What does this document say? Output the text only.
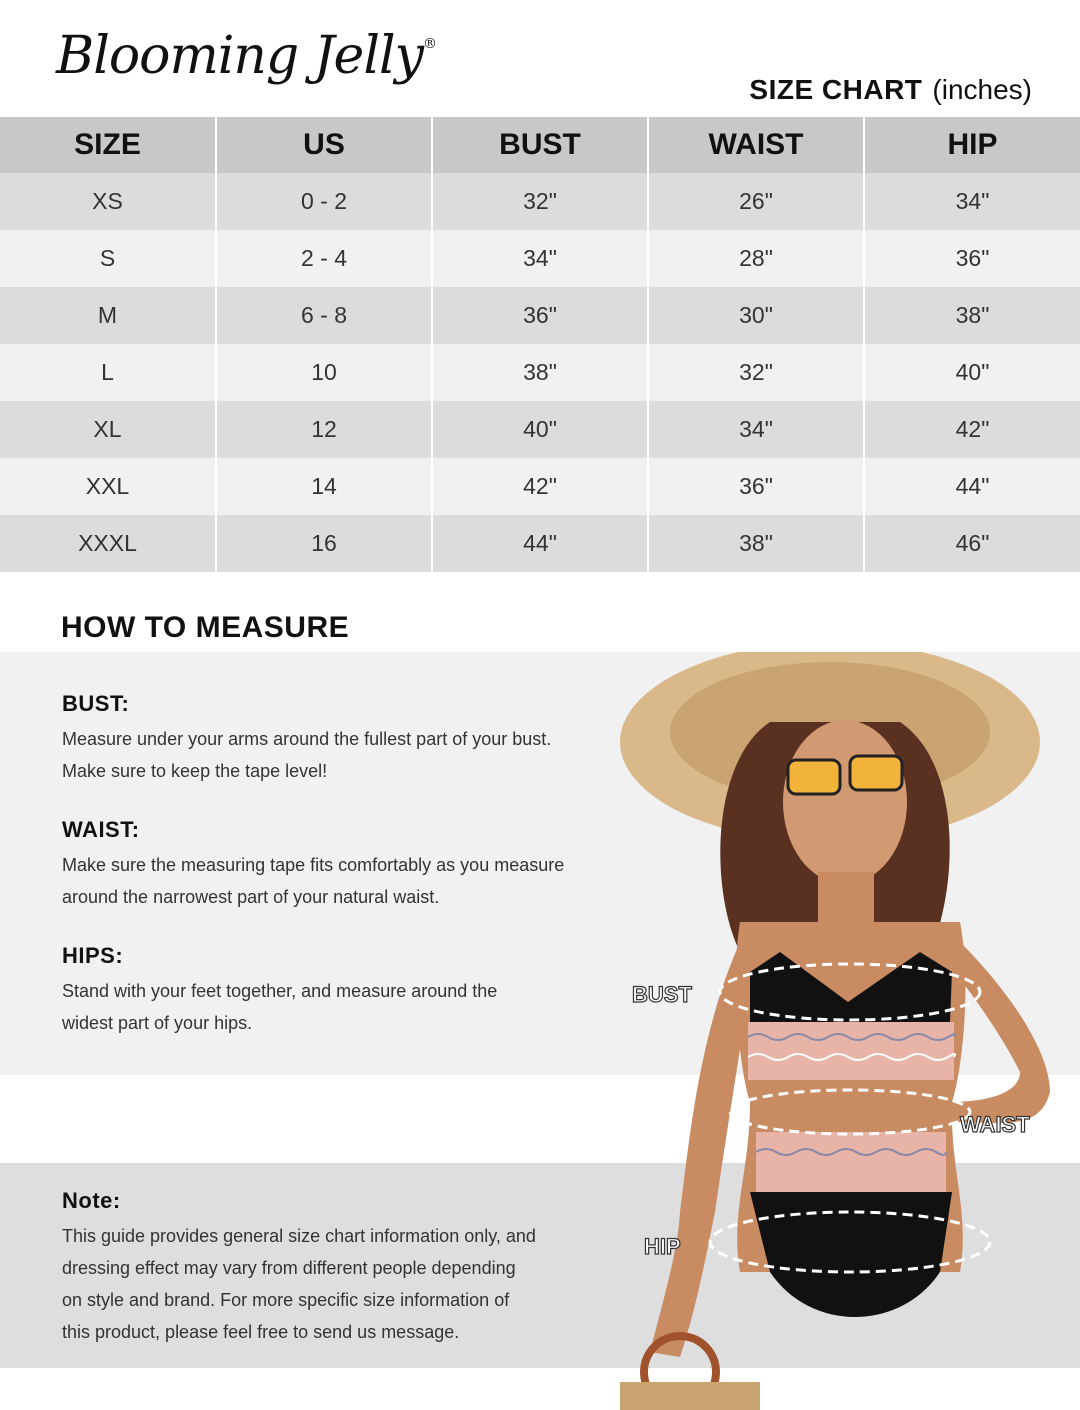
Blooming Jelly®
SIZE CHART (inches)
SIZE	US	BUST	WAIST	HIP
XS	0 - 2	32"	26"	34"
S	2 - 4	34"	28"	36"
M	6 - 8	36"	30"	38"
L	10	38"	32"	40"
XL	12	40"	34"	42"
XXL	14	42"	36"	44"
XXXL	16	44"	38"	46"
HOW TO MEASURE
BUST:
Measure under your arms around the fullest part of your bust.
Make sure to keep the tape level!
WAIST:
Make sure the measuring tape fits comfortably as you measure
around the narrowest part of your natural waist.
HIPS:
Stand with your feet together, and measure around the
widest part of your hips.
Note:
This guide provides general size chart information only, and
dressing effect may vary from different people depending
on style and brand. For more specific size information of
this product, please feel free to send us message.
BUST
WAIST
HIP
